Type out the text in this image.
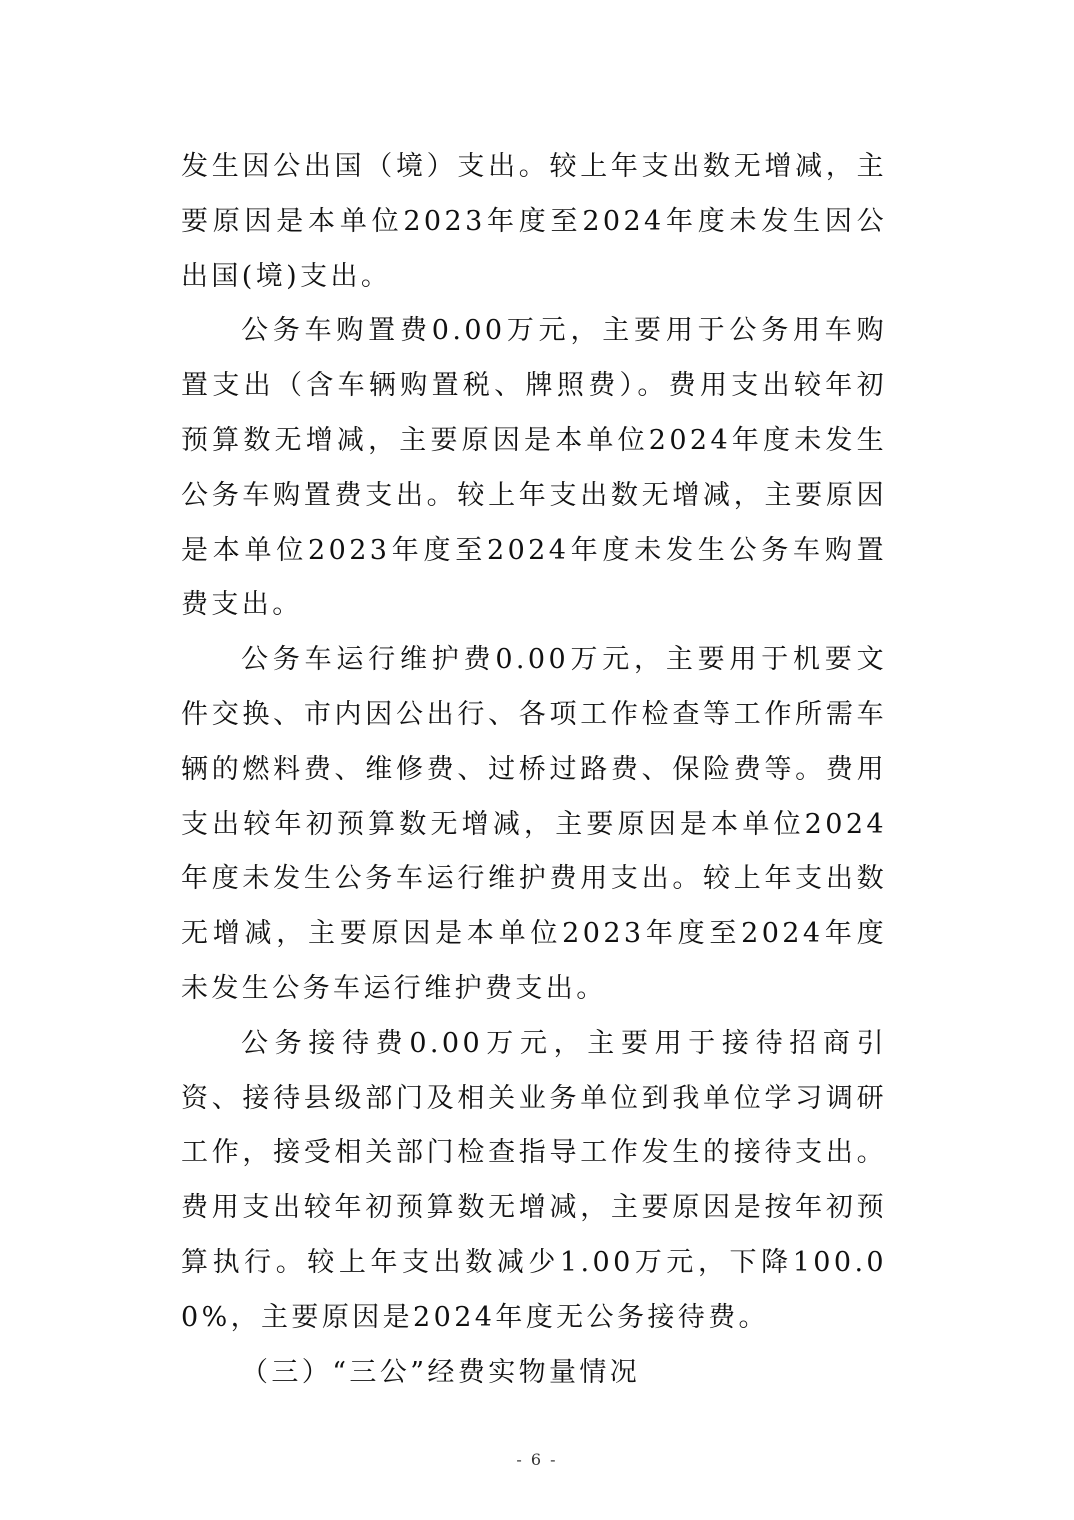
发生因公出国（境）支出。较上年支出数无增减，主要原因是本单位2023年度至2024年度未发生因公出国(境)支出。

公务车购置费0.00万元，主要用于公务用车购置支出（含车辆购置税、牌照费）。费用支出较年初预算数无增减，主要原因是本单位2024年度未发生公务车购置费支出。较上年支出数无增减，主要原因是本单位2023年度至2024年度未发生公务车购置费支出。

公务车运行维护费0.00万元，主要用于机要文件交换、市内因公出行、各项工作检查等工作所需车辆的燃料费、维修费、过桥过路费、保险费等。费用支出较年初预算数无增减，主要原因是本单位2024年度未发生公务车运行维护费用支出。较上年支出数无增减，主要原因是本单位2023年度至2024年度未发生公务车运行维护费支出。

公务接待费0.00万元，主要用于接待招商引资、接待县级部门及相关业务单位到我单位学习调研工作，接受相关部门检查指导工作发生的接待支出。费用支出较年初预算数无增减，主要原因是按年初预算执行。较上年支出数减少1.00万元，下降100.00%，主要原因是2024年度无公务接待费。

（三）“三公”经费实物量情况

- 6 -
